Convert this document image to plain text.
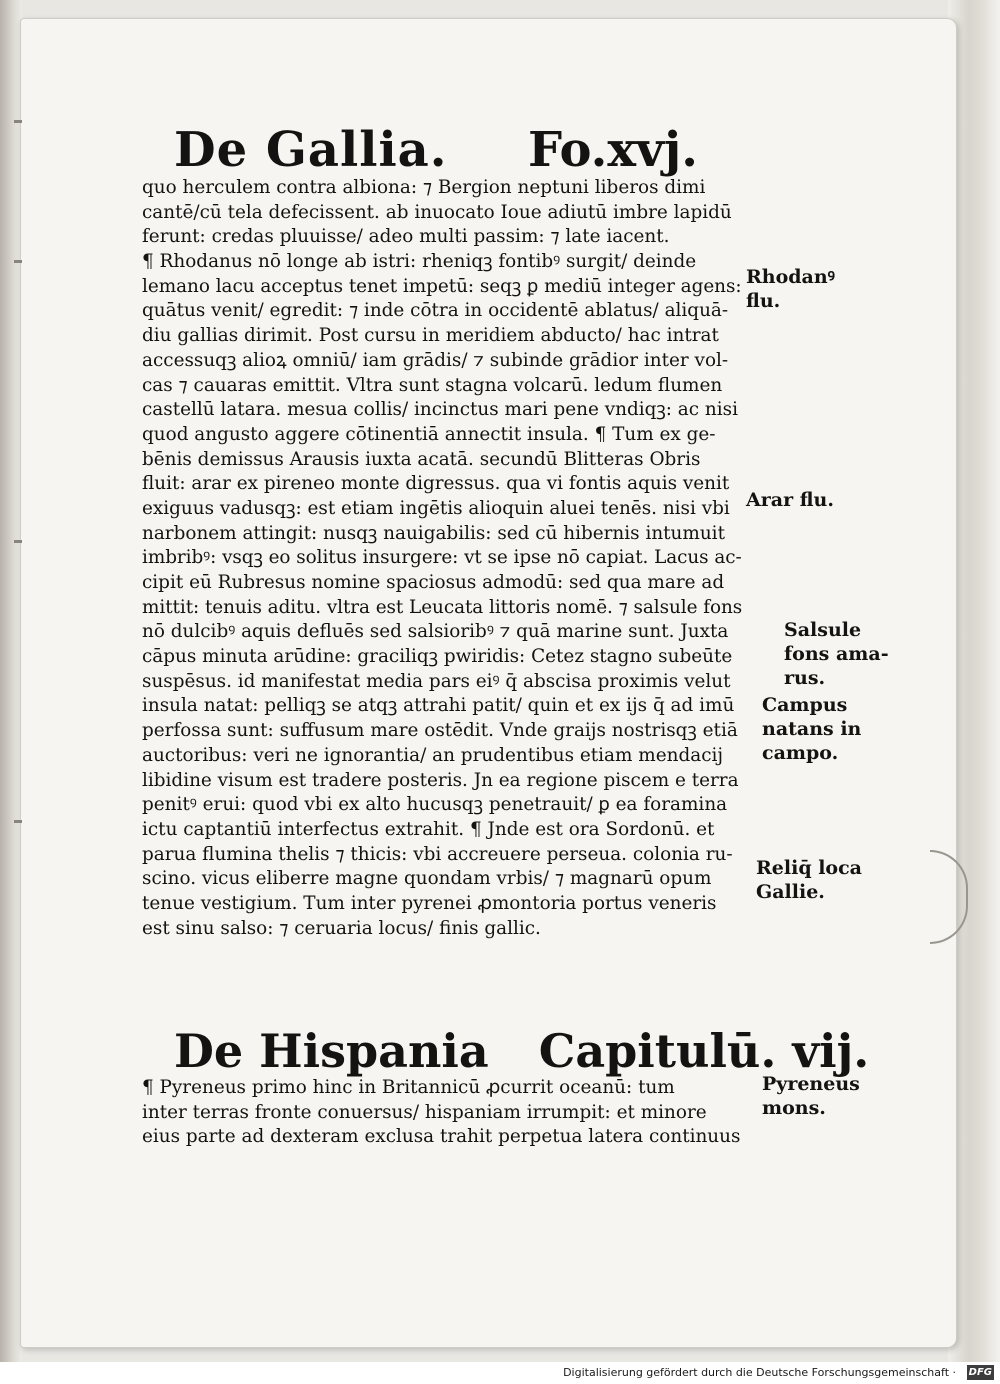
De Gallia. Fo.xvj.
quo herculem contra albiona: ⁊ Bergion neptuni liberos dimi
cantē/cū tela defecissent. ab inuocato Ioue adiutū imbre lapidū
ferunt: credas pluuisse/ adeo multi passim: ⁊ late iacent.
¶ Rhodanus nō longe ab istri: rheniqꝫ fontibꝰ surgit/ deinde
lemano lacu acceptus tenet impetū: seqꝫ ꝑ mediū integer agens:
quātus venit/ egredit: ⁊ inde cōtra in occidentē ablatus/ aliquā-
diu gallias dirimit. Post cursu in meridiem abducto/ hac intrat
accessuqꝫ alioꝝ omniū/ iam grādis/ ⁊ subinde grādior inter vol-
cas ⁊ cauaras emittit. Vltra sunt stagna volcarū. ledum flumen
castellū latara. mesua collis/ incinctus mari pene vndiqꝫ: ac nisi
quod angusto aggere cōtinentiā annectit insula. ¶ Tum ex ge-
bēnis demissus Arausis iuxta acatā. secundū Blitteras Obris
fluit: arar ex pireneo monte digressus. qua vi fontis aquis venit
exiguus vadusqꝫ: est etiam ingētis alioquin aluei tenēs. nisi vbi
narbonem attingit: nusqꝫ nauigabilis: sed cū hibernis intumuit
imbribꝰ: vsqꝫ eo solitus insurgere: vt se ipse nō capiat. Lacus ac-
cipit eū Rubresus nomine spaciosus admodū: sed qua mare ad
mittit: tenuis aditu. vltra est Leucata littoris nomē. ⁊ salsule fons
nō dulcibꝰ aquis defluēs sed salsioribꝰ ⁊ quā marine sunt. Juxta
cāpus minuta arūdine: graciliqꝫ pwiridis: Cetez stagno subeūte
suspēsus. id manifestat media pars eiꝰ q̄ abscisa proximis velut
insula natat: pelliqꝫ se atqꝫ attrahi patit/ quin et ex ijs q̄ ad imū
perfossa sunt: suffusum mare ostēdit. Vnde graijs nostrisqꝫ etiā
auctoribus: veri ne ignorantia/ an prudentibus etiam mendacij
libidine visum est tradere posteris. Jn ea regione piscem e terra
penitꝰ erui: quod vbi ex alto hucusqꝫ penetrauit/ ꝑ ea foramina
ictu captantiū interfectus extrahit. ¶ Jnde est ora Sordonū. et
parua flumina thelis ⁊ thicis: vbi accreuere perseua. colonia ru-
scino. vicus eliberre magne quondam vrbis/ ⁊ magnarū opum
tenue vestigium. Tum inter pyrenei ꝓmontoria portus veneris
est sinu salso: ⁊ ceruaria locus/ finis gallic.
De Hispania Capitulū. vij.
¶ Pyreneus primo hinc in Britannicū ꝓcurrit oceanū: tum
inter terras fronte conuersus/ hispaniam irrumpit: et minore
eius parte ad dexteram exclusa trahit perpetua latera continuus
Rhodanꝰ
flu.
Arar flu.
Salsule
fons ama-
rus.
Campus
natans in
campo.
Reliq̄ loca
Gallie.
Pyreneus
mons.
Digitalisierung gefördert durch die Deutsche Forschungsgemeinschaft · DFG
